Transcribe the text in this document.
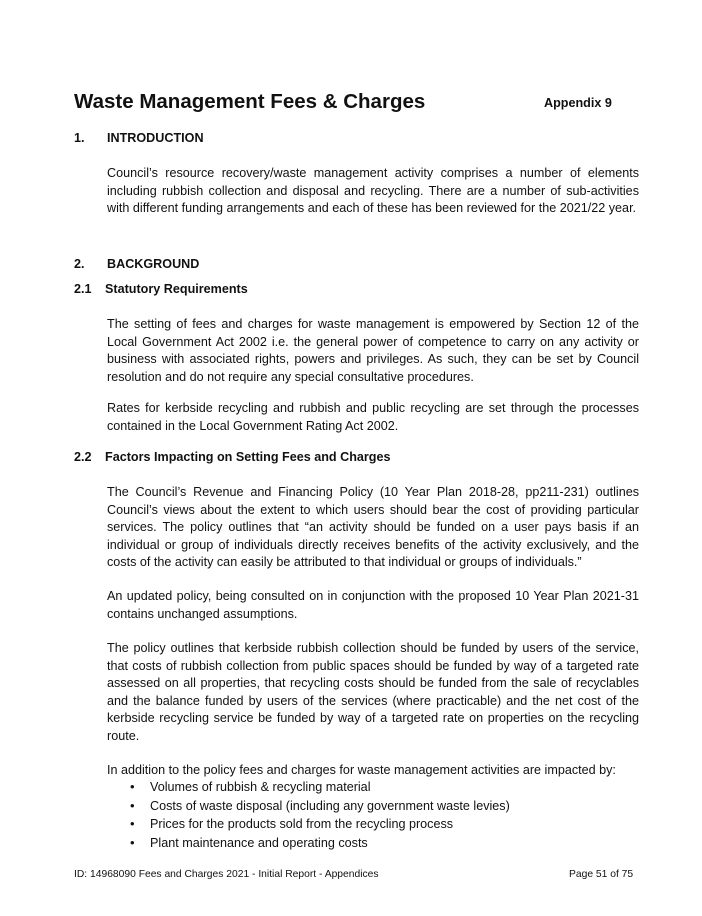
Waste Management Fees & Charges	Appendix 9
1. INTRODUCTION

Council’s resource recovery/waste management activity comprises a number of elements including rubbish collection and disposal and recycling. There are a number of sub-activities with different funding arrangements and each of these has been reviewed for the 2021/22 year.

2. BACKGROUND
2.1 Statutory Requirements

The setting of fees and charges for waste management is empowered by Section 12 of the Local Government Act 2002 i.e. the general power of competence to carry on any activity or business with associated rights, powers and privileges. As such, they can be set by Council resolution and do not require any special consultative procedures.

Rates for kerbside recycling and rubbish and public recycling are set through the processes contained in the Local Government Rating Act 2002.

2.2 Factors Impacting on Setting Fees and Charges

The Council’s Revenue and Financing Policy (10 Year Plan 2018-28, pp211-231) outlines Council’s views about the extent to which users should bear the cost of providing particular services. The policy outlines that “an activity should be funded on a user pays basis if an individual or group of individuals directly receives benefits of the activity exclusively, and the costs of the activity can easily be attributed to that individual or groups of individuals.”

An updated policy, being consulted on in conjunction with the proposed 10 Year Plan 2021-31 contains unchanged assumptions.

The policy outlines that kerbside rubbish collection should be funded by users of the service, that costs of rubbish collection from public spaces should be funded by way of a targeted rate assessed on all properties, that recycling costs should be funded from the sale of recyclables and the balance funded by users of the services (where practicable) and the net cost of the kerbside recycling service be funded by way of a targeted rate on properties on the recycling route.

In addition to the policy fees and charges for waste management activities are impacted by:

• Volumes of rubbish & recycling material
• Costs of waste disposal (including any government waste levies)
• Prices for the products sold from the recycling process
• Plant maintenance and operating costs
ID: 14968090 Fees and Charges 2021 - Initial Report - Appendices	Page 51 of 75
